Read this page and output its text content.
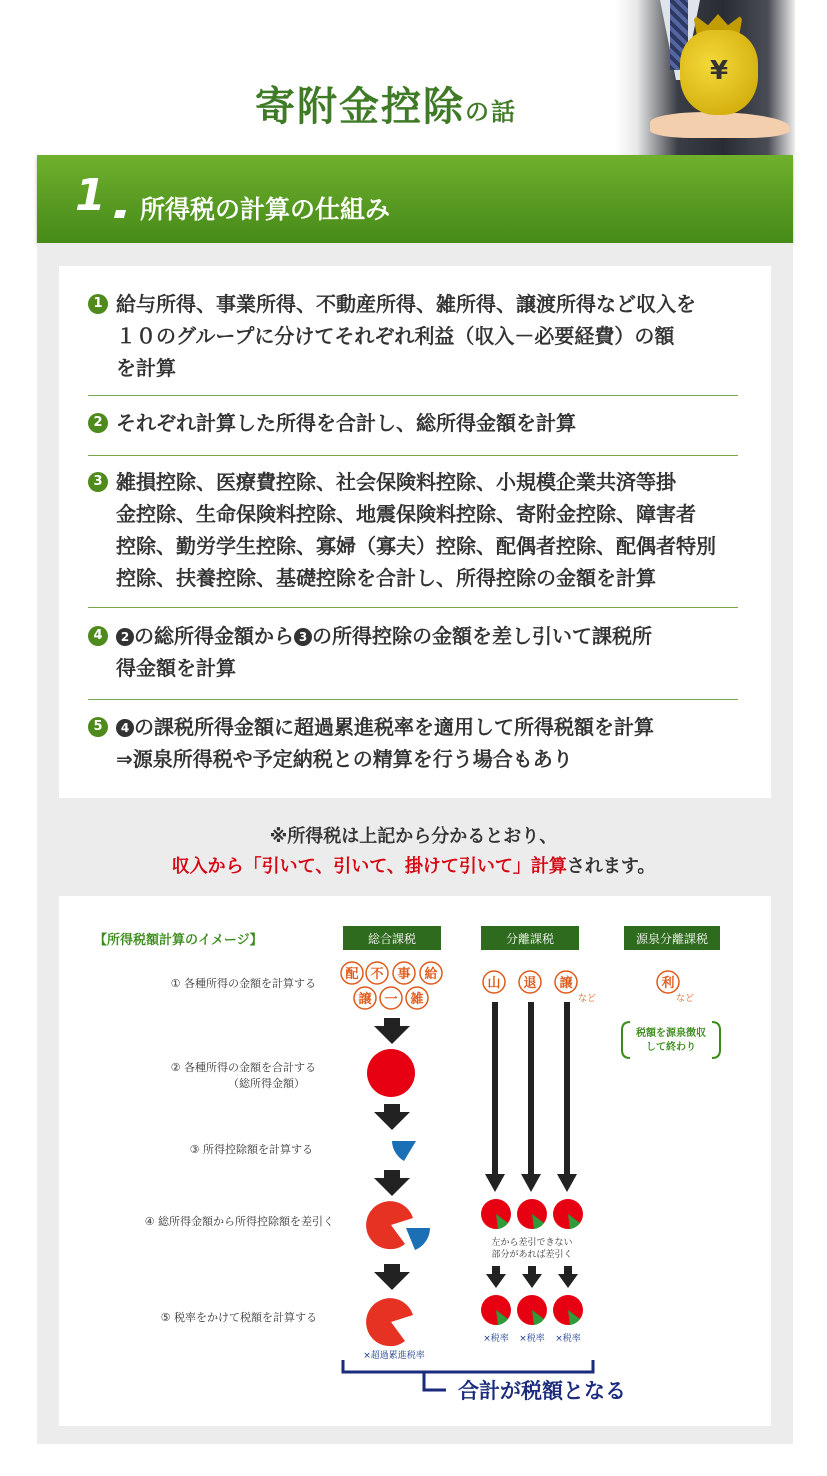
¥
寄附金控除の話
1 所得税の計算の仕組み
1 給与所得、事業所得、不動産所得、雑所得、譲渡所得など収入を
１０のグループに分けてそれぞれ利益（収入－必要経費）の額
を計算
2 それぞれ計算した所得を合計し、総所得金額を計算
3 雑損控除、医療費控除、社会保険料控除、小規模企業共済等掛
金控除、生命保険料控除、地震保険料控除、寄附金控除、障害者
控除、勤労学生控除、寡婦（寡夫）控除、配偶者控除、配偶者特別
控除、扶養控除、基礎控除を合計し、所得控除の金額を計算
4	2 の総所得金額から 3 の所得控除の金額を差し引いて課税所
得金額を計算
5	4 の課税所得金額に超過累進税率を適用して所得税額を計算
⇒源泉所得税や予定納税との精算を行う場合もあり
※所得税は上記から分かるとおり、
収入から「引いて、引いて、掛けて引いて」計算されます。
【所得税額計算のイメージ】	総合課税	分離課税	源泉分離課税
① 各種所得の金額を計算する
② 各種所得の金額を合計する
（総所得金額）
③ 所得控除額を計算する
④ 総所得金額から所得控除額を差引く
⑤ 税率をかけて税額を計算する
配 不 事 給
譲 一 雑
山 退 譲	利
など	など
税額を源泉徴収
して終わり
×超過累進税率
左から差引できない
部分があれば差引く
×税率 ×税率 ×税率
合計が税額となる
